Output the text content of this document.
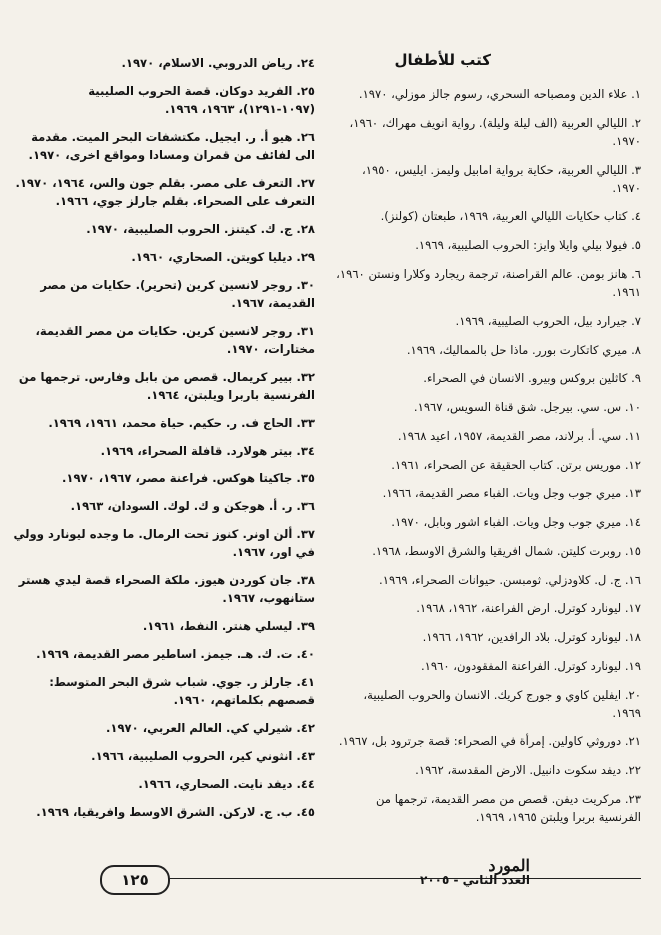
كتب للأطفال
١. علاء الدين ومصباحه السحري، رسوم جالز موزلي، ١٩٧٠.
٢. الليالي العربية (الف ليلة وليلة). رواية انويف مهراك، ١٩٦٠، ١٩٧٠.
٣. الليالي العربية، حكاية برواية امابيل وليمز. ايليس، ١٩٥٠، ١٩٧٠.
٤. كتاب حكايات الليالي العربية، ١٩٦٩، طبعتان (كولنز).
٥. فيولا بيلي وايلا وايز: الحروب الصليبية، ١٩٦٩.
٦. هانز بومن. عالم القراصنة، ترجمة ريجارد وكلارا ونستن ١٩٦٠، ١٩٦١.
٧. جيرارد بيل، الحروب الصليبية، ١٩٦٩.
٨. ميري كاتكارت بورر. ماذا حل بالمماليك، ١٩٦٩.
٩. كاثلين بروكس وبيرو. الانسان في الصحراء.
١٠. س. سي. بيرجل. شق قناة السويس، ١٩٦٧.
١١. سي. أ. برلاند، مصر القديمة، ١٩٥٧، اعيد ١٩٦٨.
١٢. موريس برتن. كتاب الحقيقة عن الصحراء، ١٩٦١.
١٣. ميري جوب وجل ويات. الفباء مصر القديمة، ١٩٦٦.
١٤. ميري جوب وجل ويات. الفباء اشور وبابل، ١٩٧٠.
١٥. روبرت كليتن. شمال افريقيا والشرق الاوسط، ١٩٦٨.
١٦. ج. ل. كلاودزلي. ثومبسن. حيوانات الصحراء، ١٩٦٩.
١٧. ليونارد كوترل. ارض الفراعنة، ١٩٦٢، ١٩٦٨.
١٨. ليونارد كوترل. بلاد الرافدين، ١٩٦٢، ١٩٦٦.
١٩. ليونارد كوترل. الفراعنة المفقودون، ١٩٦٠.
٢٠. ايفلين كاوي و جورج كريك. الانسان والحروب الصليبية، ١٩٦٩.
٢١. دوروثي كاولين. إمرأة في الصحراء: قصة جرترود بل، ١٩٦٧.
٢٢. ديفد سكوت دانبيل. الارض المقدسة، ١٩٦٢.
٢٣. مركريت ديفن. قصص من مصر القديمة، ترجمها من الفرنسية بربرا ويلبتن ١٩٦٥، ١٩٦٩.
٢٤. رياض الدروبي. الاسلام، ١٩٧٠.
٢٥. الفريد دوكان. قصة الحروب الصليبية (١٠٩٧-١٢٩١)، ١٩٦٣، ١٩٦٩.
٢٦. هيو أ. ر. ايجيل. مكتشفات البحر الميت. مقدمة الى لفائف من قمران ومسادا ومواقع اخرى، ١٩٧٠.
٢٧. التعرف على مصر. بقلم جون والس، ١٩٦٤، ١٩٧٠. التعرف على الصحراء. بقلم جارلز جوي، ١٩٦٦.
٢٨. ج. ك. كيتنز. الحروب الصليبية، ١٩٧٠.
٢٩. ديليا كويتن. الصحاري، ١٩٦٠.
٣٠. روجر لانسين كرين (تحرير). حكايات من مصر القديمة، ١٩٦٧.
٣١. روجر لانسين كرين. حكايات من مصر القديمة، مختارات، ١٩٧٠.
٣٢. بيير كريمال. قصص من بابل وفارس. ترجمها من الفرنسية باربرا ويلبتن، ١٩٦٤.
٣٣. الحاج ف. ر. حكيم. حياة محمد، ١٩٦١، ١٩٦٩.
٣٤. بيتر هولارد. قافلة الصحراء، ١٩٦٩.
٣٥. جاكيتا هوكس. فراعنة مصر، ١٩٦٧، ١٩٧٠.
٣٦. ر. أ. هوجكن و ك. لوك. السودان، ١٩٦٣.
٣٧. ألن اونر. كنوز تحت الرمال. ما وجده ليونارد وولي في اور، ١٩٦٧.
٣٨. جان كوردن هيوز. ملكة الصحراء قصة ليدي هستر ستانهوب، ١٩٦٧.
٣٩. ليسلي هنتر. النفط، ١٩٦١.
٤٠. ت. ك. هـ. جيمز. اساطير مصر القديمة، ١٩٦٩.
٤١. جارلز ر. جوي. شباب شرق البحر المتوسط: قصصهم بكلماتهم، ١٩٦٠.
٤٢. شيرلي كي. العالم العربي، ١٩٧٠.
٤٣. انثوني كير، الحروب الصليبية، ١٩٦٦.
٤٤. ديفد نايت. الصحاري، ١٩٦٦.
٤٥. ب. ج. لاركن. الشرق الاوسط وافريقيا، ١٩٦٩.
١٢٥
المورد
العدد الثاني - ٢٠٠٥
